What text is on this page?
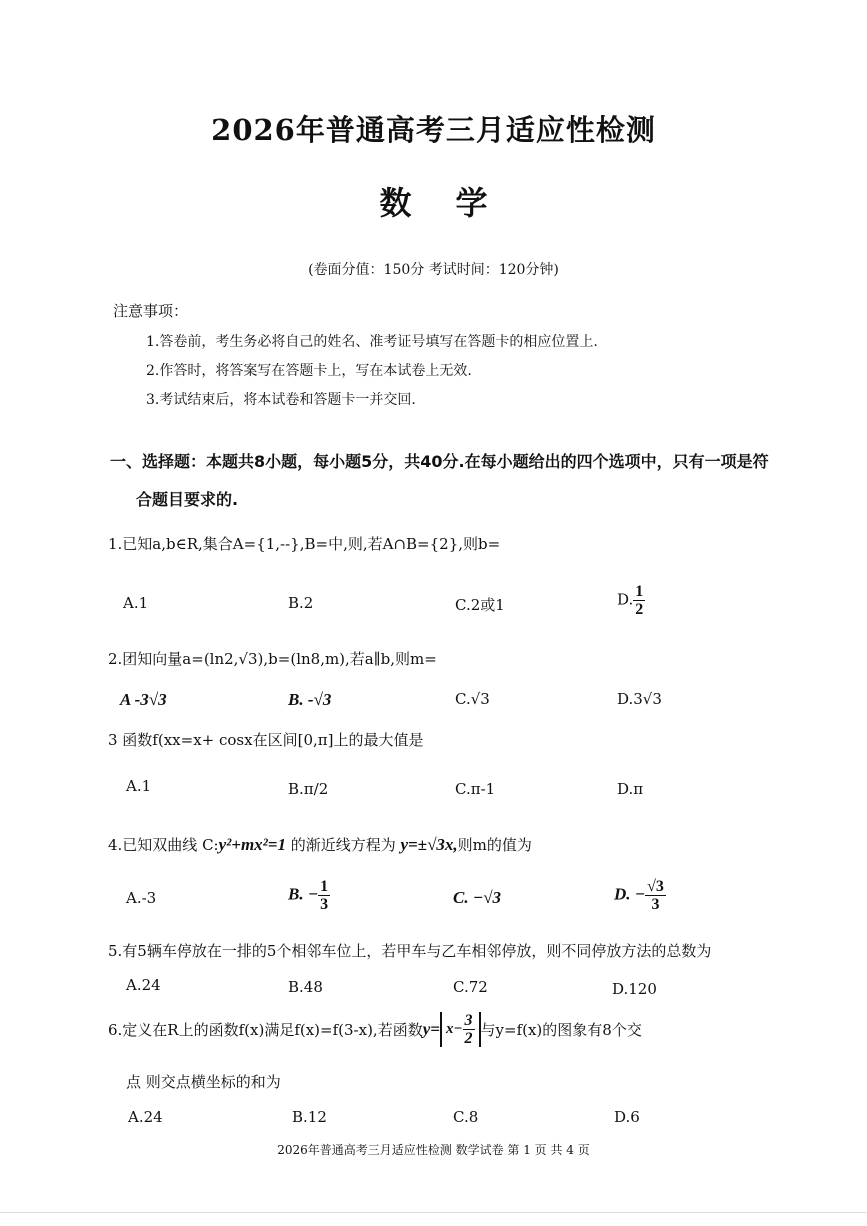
2026年普通高考三月适应性检测
数学
(卷面分值：150分 考试时间：120分钟)
注意事项：
1.答卷前，考生务必将自己的姓名、准考证号填写在答题卡的相应位置上.
2.作答时，将答案写在答题卡上，写在本试卷上无效.
3.考试结束后，将本试卷和答题卡一并交回.
一、选择题：本题共8小题，每小题5分，共40分.在每小题给出的四个选项中，只有一项是符
合题目要求的.
1.已知a,b∈R,集合A={1,--},B=中,则,若A∩B={2},则b=
A.1	B.2	C.2或1	D. $\frac{1}{2}$
2.团知向量a=(ln2,√3),b=(ln8,m),若a∥b,则m=
A -3√3	B. -√3	C.√3	D.3√3
3 函数f(xx=x+ cosx在区间[0,π]上的最大值是
A.1	B.π/2	C.π-1	D.π
4.已知双曲线 C:y²+mx²=1 的渐近线方程为 y=±√3x,则m的值为
A.-3	B. − $\frac{1}{3}$	C. −√3	D. − $\frac{√3}{3}$
5.有5辆车停放在一排的5个相邻车位上，若甲车与乙车相邻停放，则不同停放方法的总数为
A.24	B.48	C.72	D.120
6.定义在R上的函数f(x)满足f(x)=f(3-x),若函数$y= x- \frac{3}{2}$ 与y=f(x)的图象有8个交
点 则交点横坐标的和为
A.24	B.12	C.8	D.6
2026年普通高考三月适应性检测 数学试卷 第 1 页 共 4 页
